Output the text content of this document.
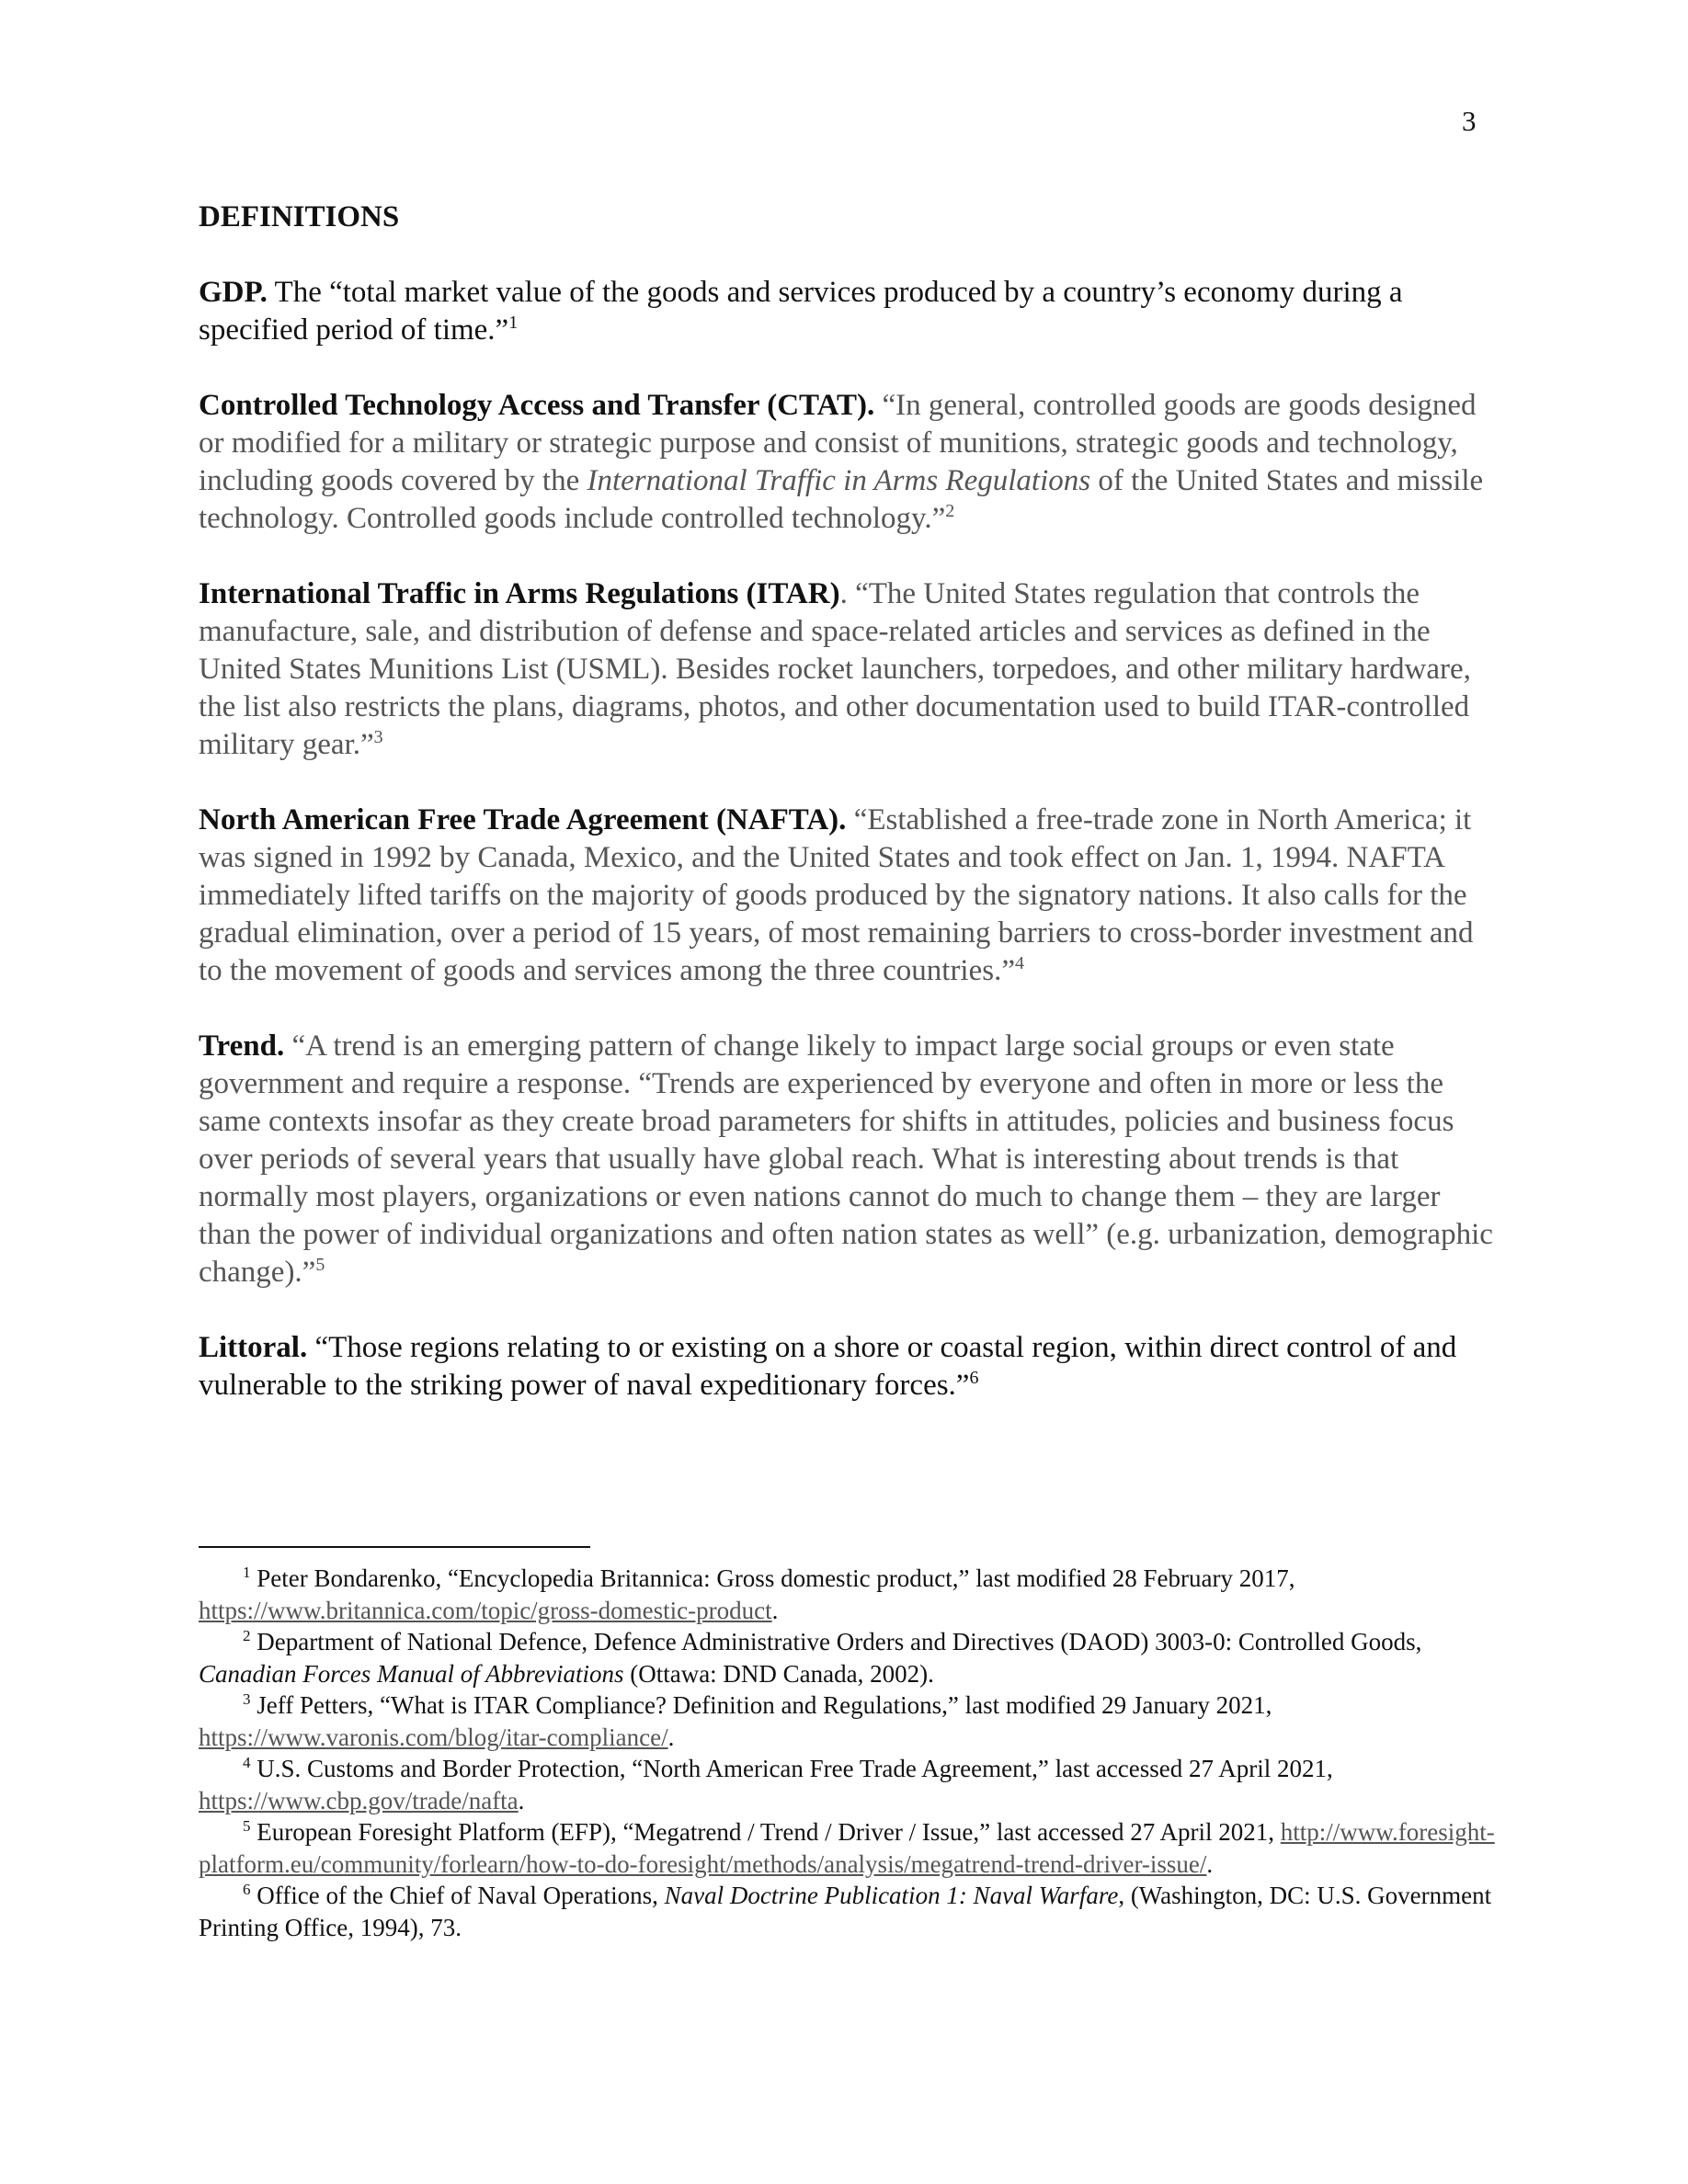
3
DEFINITIONS

GDP. The “total market value of the goods and services produced by a country’s economy during a specified period of time.”$^1$

Controlled Technology Access and Transfer (CTAT). “In general, controlled goods are goods designed or modified for a military or strategic purpose and consist of munitions, strategic goods and technology, including goods covered by the International Traffic in Arms Regulations of the United States and missile technology. Controlled goods include controlled technology.”$^2$

International Traffic in Arms Regulations (ITAR). “The United States regulation that controls the manufacture, sale, and distribution of defense and space-related articles and services as defined in the United States Munitions List (USML). Besides rocket launchers, torpedoes, and other military hardware, the list also restricts the plans, diagrams, photos, and other documentation used to build ITAR-controlled military gear.”$^3$

North American Free Trade Agreement (NAFTA). “Established a free-trade zone in North America; it was signed in 1992 by Canada, Mexico, and the United States and took effect on Jan. 1, 1994. NAFTA immediately lifted tariffs on the majority of goods produced by the signatory nations. It also calls for the gradual elimination, over a period of 15 years, of most remaining barriers to cross-border investment and to the movement of goods and services among the three countries.”$^4$

Trend. “A trend is an emerging pattern of change likely to impact large social groups or even state government and require a response. “Trends are experienced by everyone and often in more or less the same contexts insofar as they create broad parameters for shifts in attitudes, policies and business focus over periods of several years that usually have global reach. What is interesting about trends is that normally most players, organizations or even nations cannot do much to change them – they are larger than the power of individual organizations and often nation states as well” (e.g. urbanization, demographic change).”$^5$

Littoral. “Those regions relating to or existing on a shore or coastal region, within direct control of and vulnerable to the striking power of naval expeditionary forces.”$^6$

$^1$ Peter Bondarenko, “Encyclopedia Britannica: Gross domestic product,” last modified 28 February 2017, https://www.britannica.com/topic/gross-domestic-product.

$^2$ Department of National Defence, Defence Administrative Orders and Directives (DAOD) 3003-0: Controlled Goods, Canadian Forces Manual of Abbreviations (Ottawa: DND Canada, 2002).

$^3$ Jeff Petters, “What is ITAR Compliance? Definition and Regulations,” last modified 29 January 2021, https://www.varonis.com/blog/itar-compliance/.

$^4$ U.S. Customs and Border Protection, “North American Free Trade Agreement,” last accessed 27 April 2021, https://www.cbp.gov/trade/nafta.

$^5$ European Foresight Platform (EFP), “Megatrend / Trend / Driver / Issue,” last accessed 27 April 2021, http://www.foresight-platform.eu/community/forlearn/how-to-do-foresight/methods/analysis/megatrend-trend-driver-issue/.

$^6$ Office of the Chief of Naval Operations, Naval Doctrine Publication 1: Naval Warfare, (Washington, DC: U.S. Government Printing Office, 1994), 73.
